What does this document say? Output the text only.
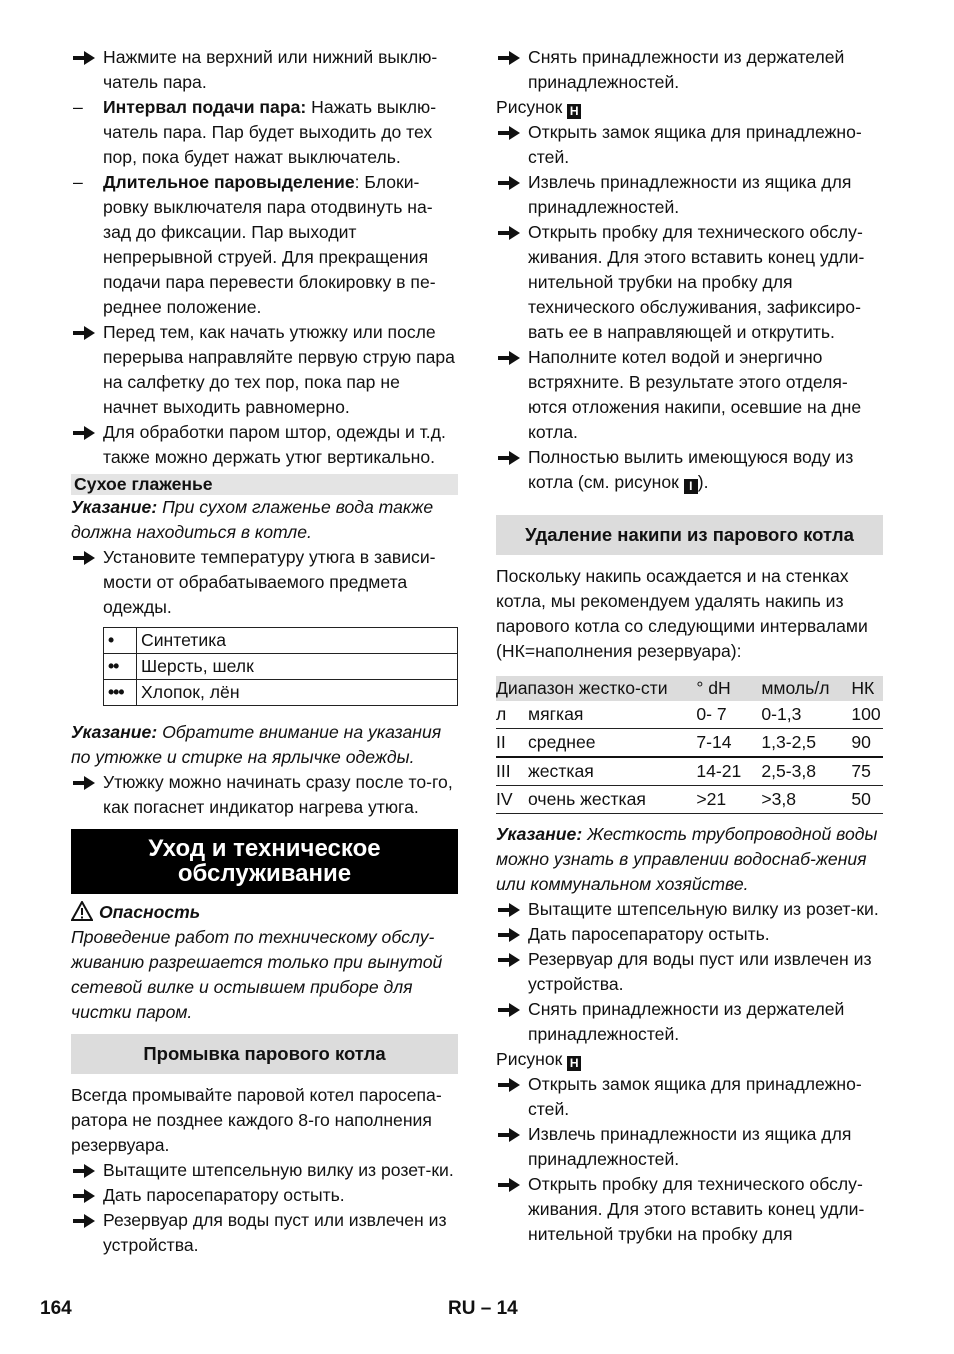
Нажмите на верхний или нижний выклю-чатель пара.

–	Интервал подачи пара: Нажать выклю-чатель пара. Пар будет выходить до тех пор, пока будет нажат выключатель.

–	Длительное паровыделение: Блоки-ровку выключателя пара отодвинуть на-зад до фиксации. Пар выходит непрерывной струей. Для прекращения подачи пара перевести блокировку в пе-реднее положение.

Перед тем, как начать утюжку или после перерыва направляйте первую струю пара на салфетку до тех пор, пока пар не начнет выходить равномерно.

Для обработки паром штор, одежды и т.д. также можно держать утюг вертикально.

Сухое глаженье

Указание: При сухом глаженье вода также должна находиться в котле.

Установите температуру утюга в зависи-мости от обрабатываемого предмета одежды.

•	Синтетика
••	Шерсть, шелк
•••	Хлопок, лён

Указание: Обратите внимание на указания по утюжке и стирке на ярлычке одежды.

Утюжку можно начинать сразу после то-го, как погаснет индикатор нагрева утюга.

Уход и техническое обслуживание

Опасность

Проведение работ по техническому обслу-живанию разрешается только при вынутой сетевой вилке и остывшем приборе для чистки паром.

Промывка парового котла

Всегда промывайте паровой котел паросепа-ратора не позднее каждого 8-го наполнения резервуара.

Вытащите штепсельную вилку из розет-ки.

Дать паросепаратору остыть.

Резервуар для воды пуст или извлечен из устройства.

Снять принадлежности из держателей принадлежностей.

Рисунок H

Открыть замок ящика для принадлежно-стей.

Извлечь принадлежности из ящика для принадлежностей.

Открыть пробку для технического обслу-живания. Для этого вставить конец удли-нительной трубки на пробку для технического обслуживания, зафиксиро-вать ее в направляющей и открутить.

Наполните котел водой и энергично встряхните. В результате этого отделя-ются отложения накипи, осевшие на дне котла.

Полностью вылить имеющуюся воду из котла (см. рисунок I ).

Удаление накипи из парового котла

Поскольку накипь осаждается и на стенках котла, мы рекомендуем удалять накипь из парового котла со следующими интервалами (НК=наполнения резервуара):

Диапазон жестко-сти		° dH	ммоль/л	НК
л	мягкая	0- 7	0-1,3	100
II	среднее	7-14	1,3-2,5	90
III	жесткая	14-21	2,5-3,8	75
IV	очень жесткая	>21	>3,8	50

Указание: Жесткость трубопроводной воды можно узнать в управлении водоснаб-жения или коммунальном хозяйстве.

Вытащите штепсельную вилку из розет-ки.

Дать паросепаратору остыть.

Резервуар для воды пуст или извлечен из устройства.

Снять принадлежности из держателей принадлежностей.

Рисунок H

Открыть замок ящика для принадлежно-стей.

Извлечь принадлежности из ящика для принадлежностей.

Открыть пробку для технического обслу-живания. Для этого вставить конец удли-нительной трубки на пробку для

164	RU – 14
